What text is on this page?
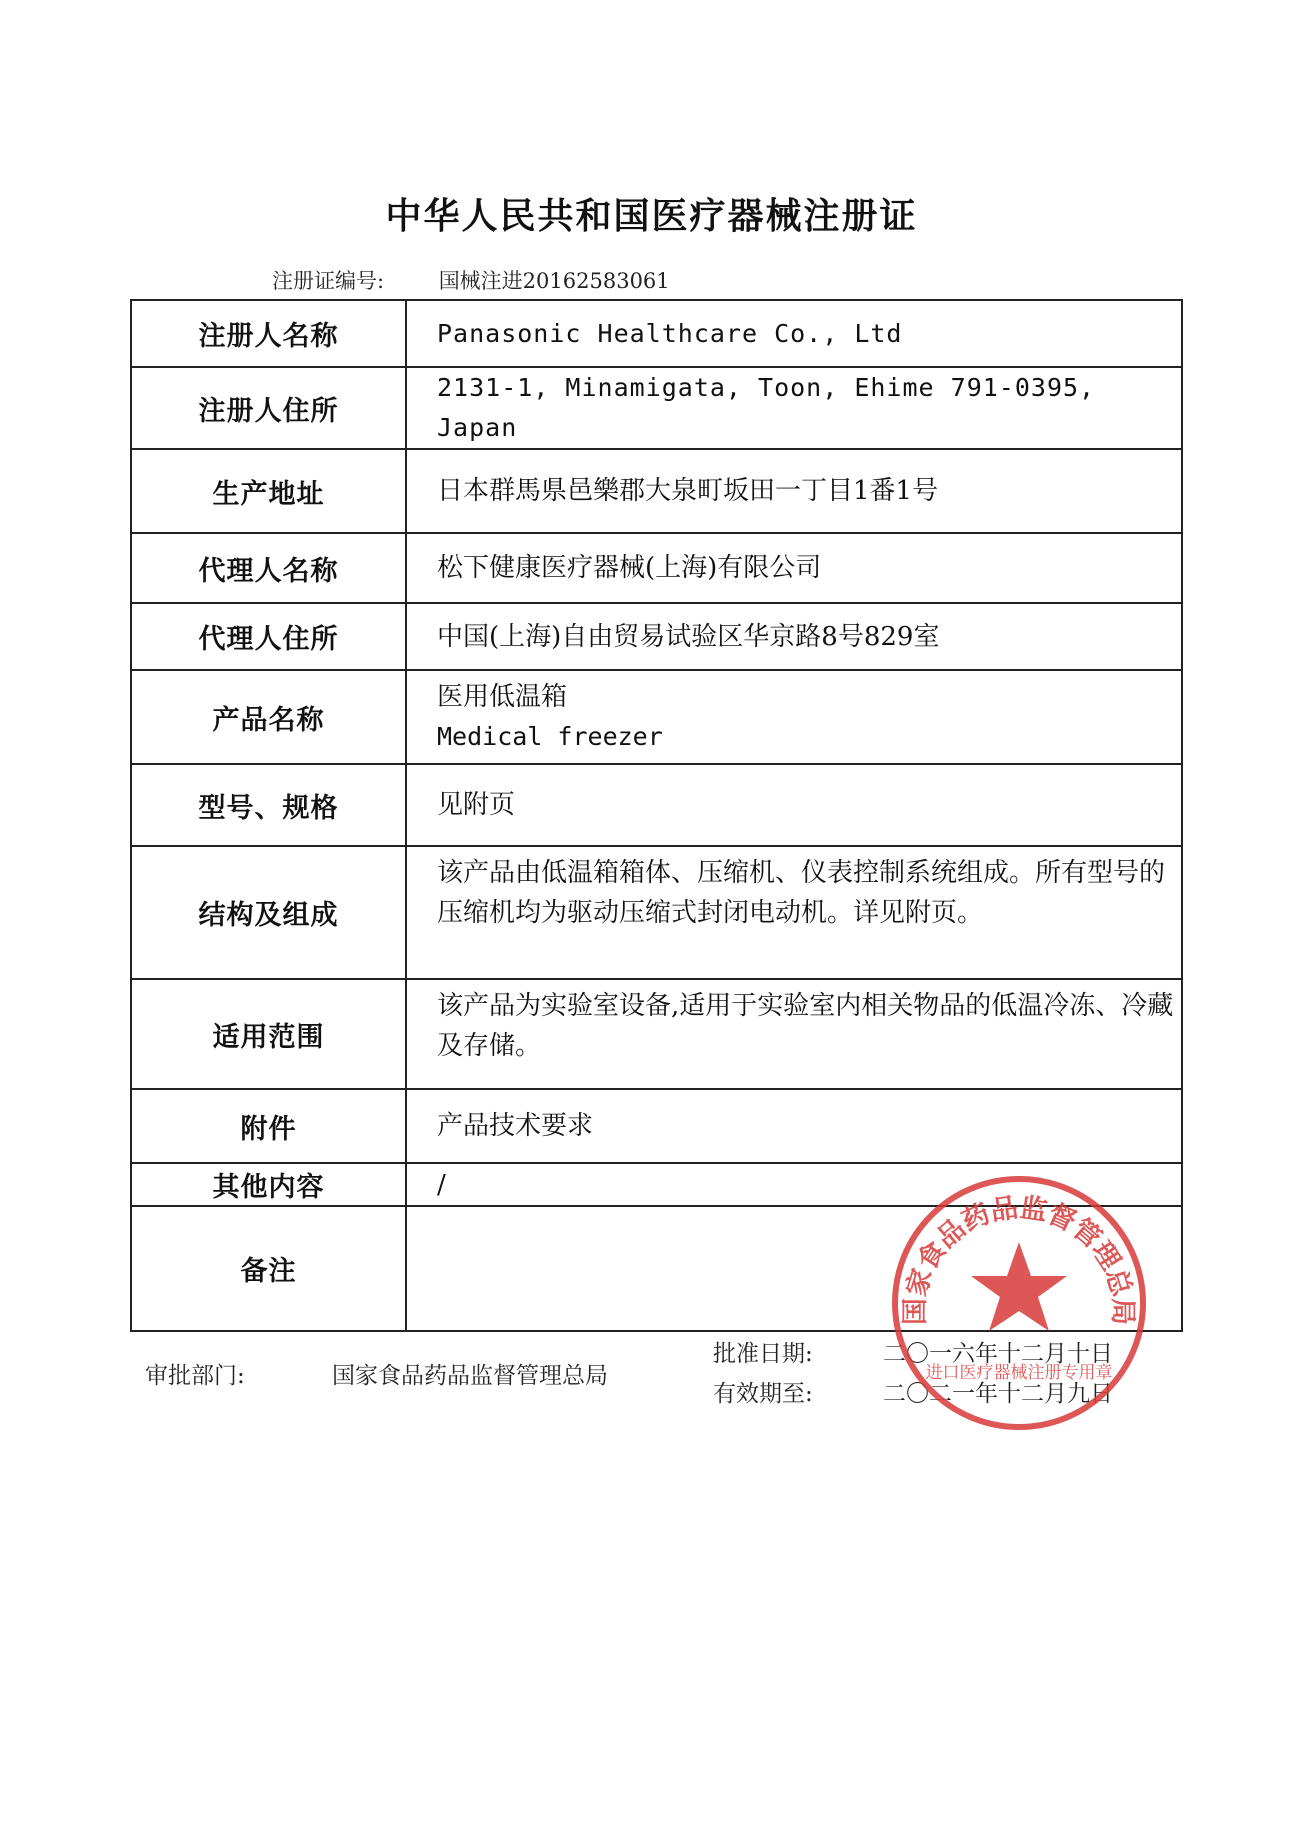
中华人民共和国医疗器械注册证
注册证编号:	国械注进20162583061
注册人名称	Panasonic Healthcare Co., Ltd
注册人住所	2131-1, Minamigata, Toon, Ehime 791-0395, Japan
生产地址	日本群馬県邑樂郡大泉町坂田一丁目1番1号
代理人名称	松下健康医疗器械(上海)有限公司
代理人住所	中国(上海)自由贸易试验区华京路8号829室
产品名称	医用低温箱
Medical freezer

型号、规格	见附页
结构及组成	该产品由低温箱箱体、压缩机、仪表控制系统组成。所有型号的压缩机均为驱动压缩式封闭电动机。详见附页。
适用范围	该产品为实验室设备,适用于实验室内相关物品的低温冷冻、冷藏及存储。
附件	产品技术要求
其他内容	/
备注	
审批部门:	国家食品药品监督管理总局
批准日期:	二〇一六年十二月十日
有效期至:	二〇二一年十二月九日
国家食品药品监督管理总局
进口医疗器械注册专用章
